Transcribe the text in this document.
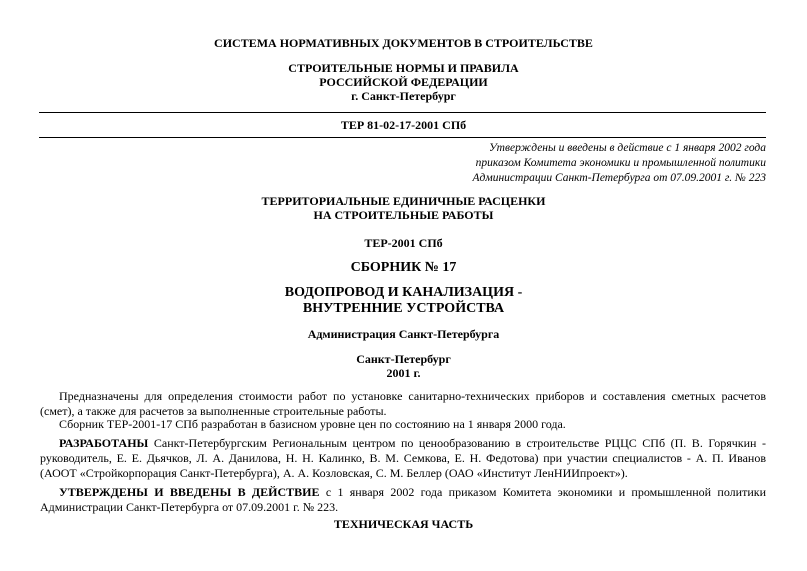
СИСТЕМА НОРМАТИВНЫХ ДОКУМЕНТОВ В СТРОИТЕЛЬСТВЕ
СТРОИТЕЛЬНЫЕ НОРМЫ И ПРАВИЛА
РОССИЙСКОЙ ФЕДЕРАЦИИ
г. Санкт-Петербург
ТЕР 81-02-17-2001 СПб
Утверждены и введены в действие с 1 января 2002 года
приказом Комитета экономики и промышленной политики
Администрации Санкт-Петербурга от 07.09.2001 г. № 223
ТЕРРИТОРИАЛЬНЫЕ ЕДИНИЧНЫЕ РАСЦЕНКИ
НА СТРОИТЕЛЬНЫЕ РАБОТЫ
ТЕР-2001 СПб
СБОРНИК № 17
ВОДОПРОВОД И КАНАЛИЗАЦИЯ -
ВНУТРЕННИЕ УСТРОЙСТВА
Администрация Санкт-Петербурга
Санкт-Петербург
2001 г.

Предназначены для определения стоимости работ по установке санитарно-технических приборов и составления сметных расчетов (смет), а также для расчетов за выполненные строительные работы.

Сборник ТЕР-2001-17 СПб разработан в базисном уровне цен по состоянию на 1 января 2000 года.

РАЗРАБОТАНЫ Санкт-Петербургским Региональным центром по ценообразованию в строительстве РЦЦС СПб (П. В. Горячкин - руководитель, Е. Е. Дьячков, Л. А. Данилова, Н. Н. Калинко, В. М. Семкова, Е. Н. Федотова) при участии специалистов - А. П. Иванов (АООТ «Стройкорпорация Санкт-Петербурга), А. А. Козловская, С. М. Беллер (ОАО «Институт ЛенНИИпроект»).

УТВЕРЖДЕНЫ И ВВЕДЕНЫ В ДЕЙСТВИЕ с 1 января 2002 года приказом Комитета экономики и промышленной политики Администрации Санкт-Петербурга от 07.09.2001 г. № 223.

ТЕХНИЧЕСКАЯ ЧАСТЬ
